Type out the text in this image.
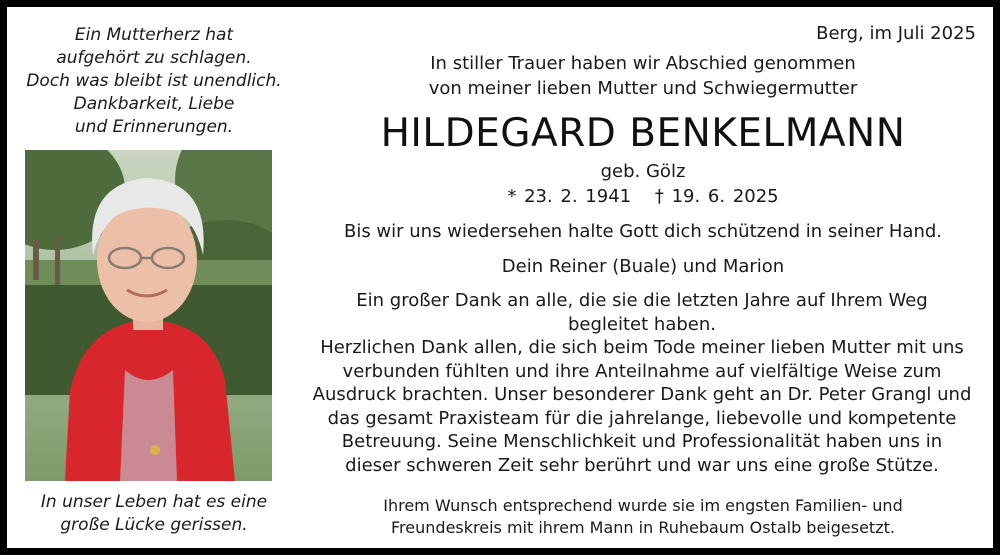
Ein Mutterherz hat
aufgehört zu schlagen.
Doch was bleibt ist unendlich.
Dankbarkeit, Liebe
und Erinnerungen.
In unser Leben hat es eine
große Lücke gerissen.
Berg, im Juli 2025
In stiller Trauer haben wir Abschied genommen
von meiner lieben Mutter und Schwiegermutter
HILDEGARD BENKELMANN
geb. Gölz
* 23. 2. 1941 † 19. 6. 2025
Bis wir uns wiedersehen halte Gott dich schützend in seiner Hand.
Dein Reiner (Buale) und Marion
Ein großer Dank an alle, die sie die letzten Jahre auf Ihrem Weg
begleitet haben.
Herzlichen Dank allen, die sich beim Tode meiner lieben Mutter mit uns
verbunden fühlten und ihre Anteilnahme auf vielfältige Weise zum
Ausdruck brachten. Unser besonderer Dank geht an Dr. Peter Grangl und
das gesamt Praxisteam für die jahrelange, liebevolle und kompetente
Betreuung. Seine Menschlichkeit und Professionalität haben uns in
dieser schweren Zeit sehr berührt und war uns eine große Stütze.
Ihrem Wunsch entsprechend wurde sie im engsten Familien- und
Freundeskreis mit ihrem Mann in Ruhebaum Ostalb beigesetzt.
